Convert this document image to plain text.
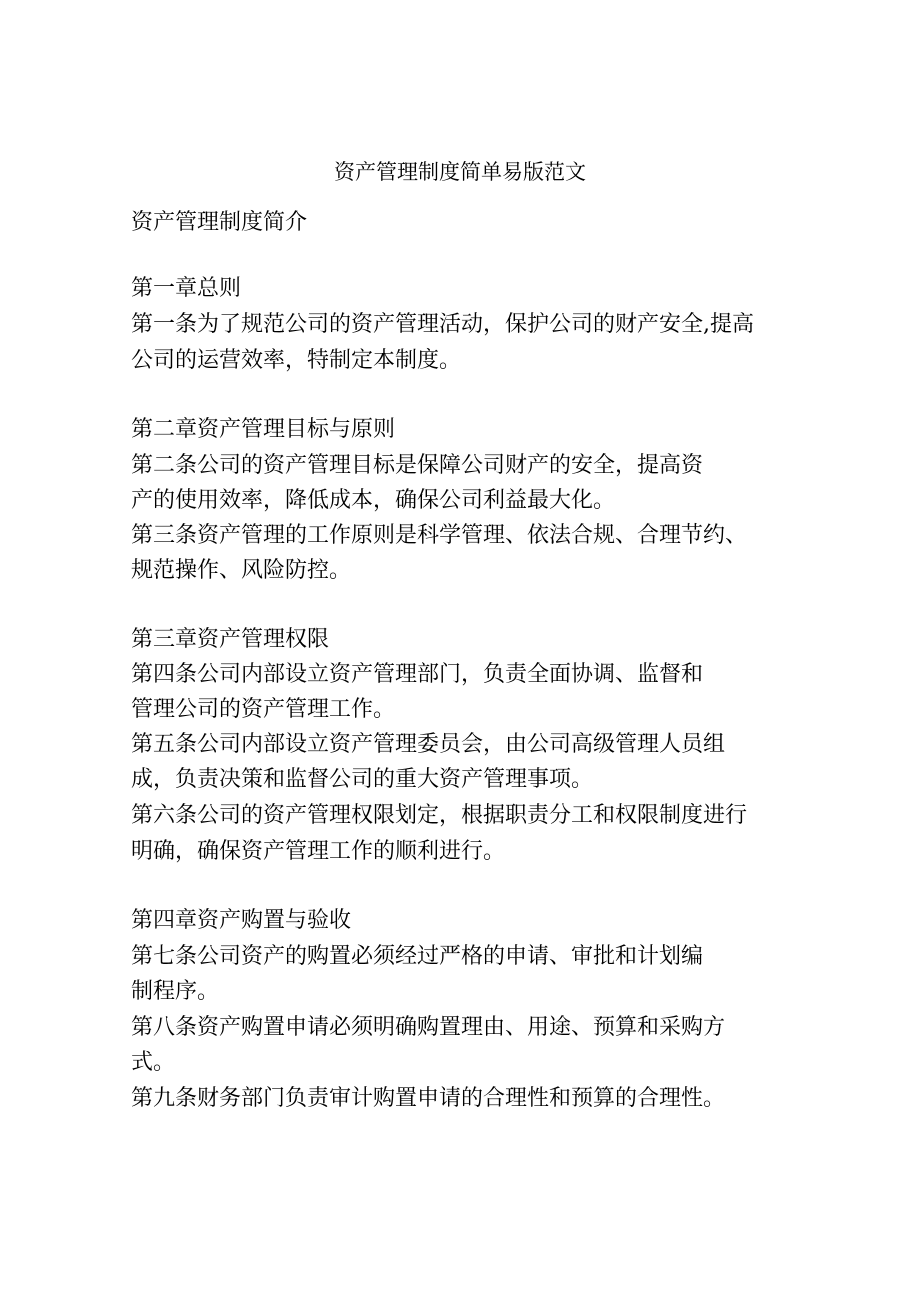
资产管理制度简单易版范文
资产管理制度简介
第一章总则
第一条为了规范公司的资产管理活动，保护公司的财产安全,提高
公司的运营效率，特制定本制度。
第二章资产管理目标与原则
第二条公司的资产管理目标是保障公司财产的安全，提高资
产的使用效率，降低成本，确保公司利益最大化。
第三条资产管理的工作原则是科学管理、依法合规、合理节约、
规范操作、风险防控。
第三章资产管理权限
第四条公司内部设立资产管理部门，负责全面协调、监督和
管理公司的资产管理工作。
第五条公司内部设立资产管理委员会，由公司高级管理人员组
成，负责决策和监督公司的重大资产管理事项。
第六条公司的资产管理权限划定，根据职责分工和权限制度进行
明确，确保资产管理工作的顺利进行。
第四章资产购置与验收
第七条公司资产的购置必须经过严格的申请、审批和计划编
制程序。
第八条资产购置申请必须明确购置理由、用途、预算和采购方
式。
第九条财务部门负责审计购置申请的合理性和预算的合理性。
